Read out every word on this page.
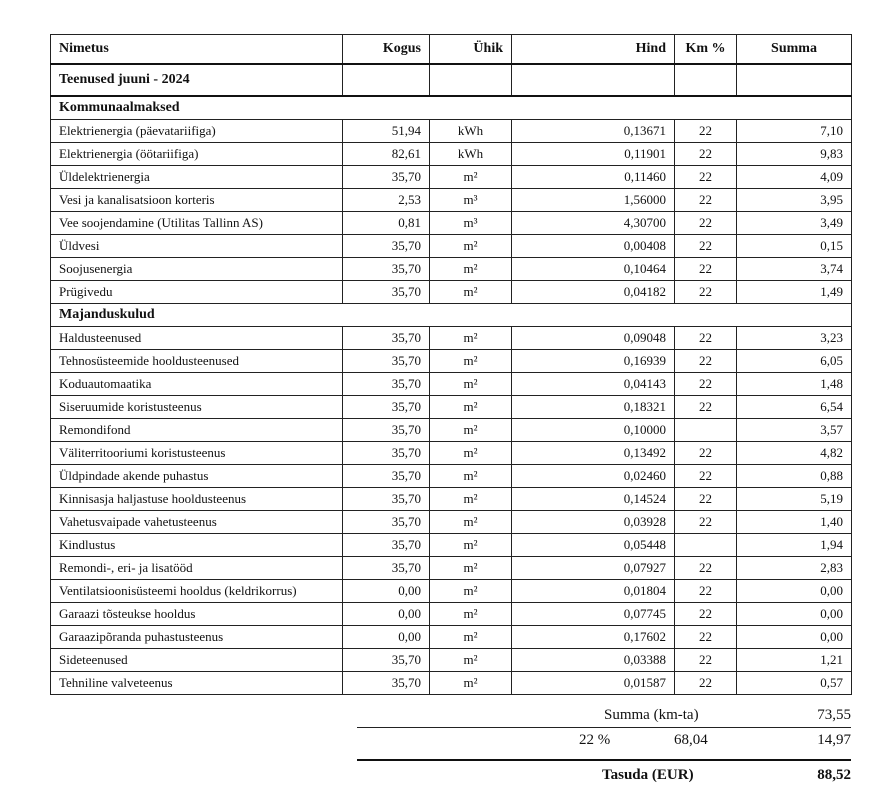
Nimetus	Kogus	Ühik	Hind	Km %	Summa
Teenused juuni - 2024					
Kommunaalmaksed					
Elektrienergia (päevatariifiga)	51,94	kWh	0,13671	22	7,10
Elektrienergia (öötariifiga)	82,61	kWh	0,11901	22	9,83
Üldelektrienergia	35,70	m²	0,11460	22	4,09
Vesi ja kanalisatsioon korteris	2,53	m³	1,56000	22	3,95
Vee soojendamine (Utilitas Tallinn AS)	0,81	m³	4,30700	22	3,49
Üldvesi	35,70	m²	0,00408	22	0,15
Soojusenergia	35,70	m²	0,10464	22	3,74
Prügivedu	35,70	m²	0,04182	22	1,49
Majanduskulud					
Haldusteenused	35,70	m²	0,09048	22	3,23
Tehnosüsteemide hooldusteenused	35,70	m²	0,16939	22	6,05
Koduautomaatika	35,70	m²	0,04143	22	1,48
Siseruumide koristusteenus	35,70	m²	0,18321	22	6,54
Remondifond	35,70	m²	0,10000		3,57
Väliterritooriumi koristusteenus	35,70	m²	0,13492	22	4,82
Üldpindade akende puhastus	35,70	m²	0,02460	22	0,88
Kinnisasja haljastuse hooldusteenus	35,70	m²	0,14524	22	5,19
Vahetusvaipade vahetusteenus	35,70	m²	0,03928	22	1,40
Kindlustus	35,70	m²	0,05448		1,94
Remondi-, eri- ja lisatööd	35,70	m²	0,07927	22	2,83
Ventilatsioonisüsteemi hooldus (keldrikorrus)	0,00	m²	0,01804	22	0,00
Garaazi tõsteukse hooldus	0,00	m²	0,07745	22	0,00
Garaazipõranda puhastusteenus	0,00	m²	0,17602	22	0,00
Sideteenused	35,70	m²	0,03388	22	1,21
Tehniline valveteenus	35,70	m²	0,01587	22	0,57
Summa (km-ta)	73,55
22 %	68,04	14,97
Tasuda (EUR)	88,52
